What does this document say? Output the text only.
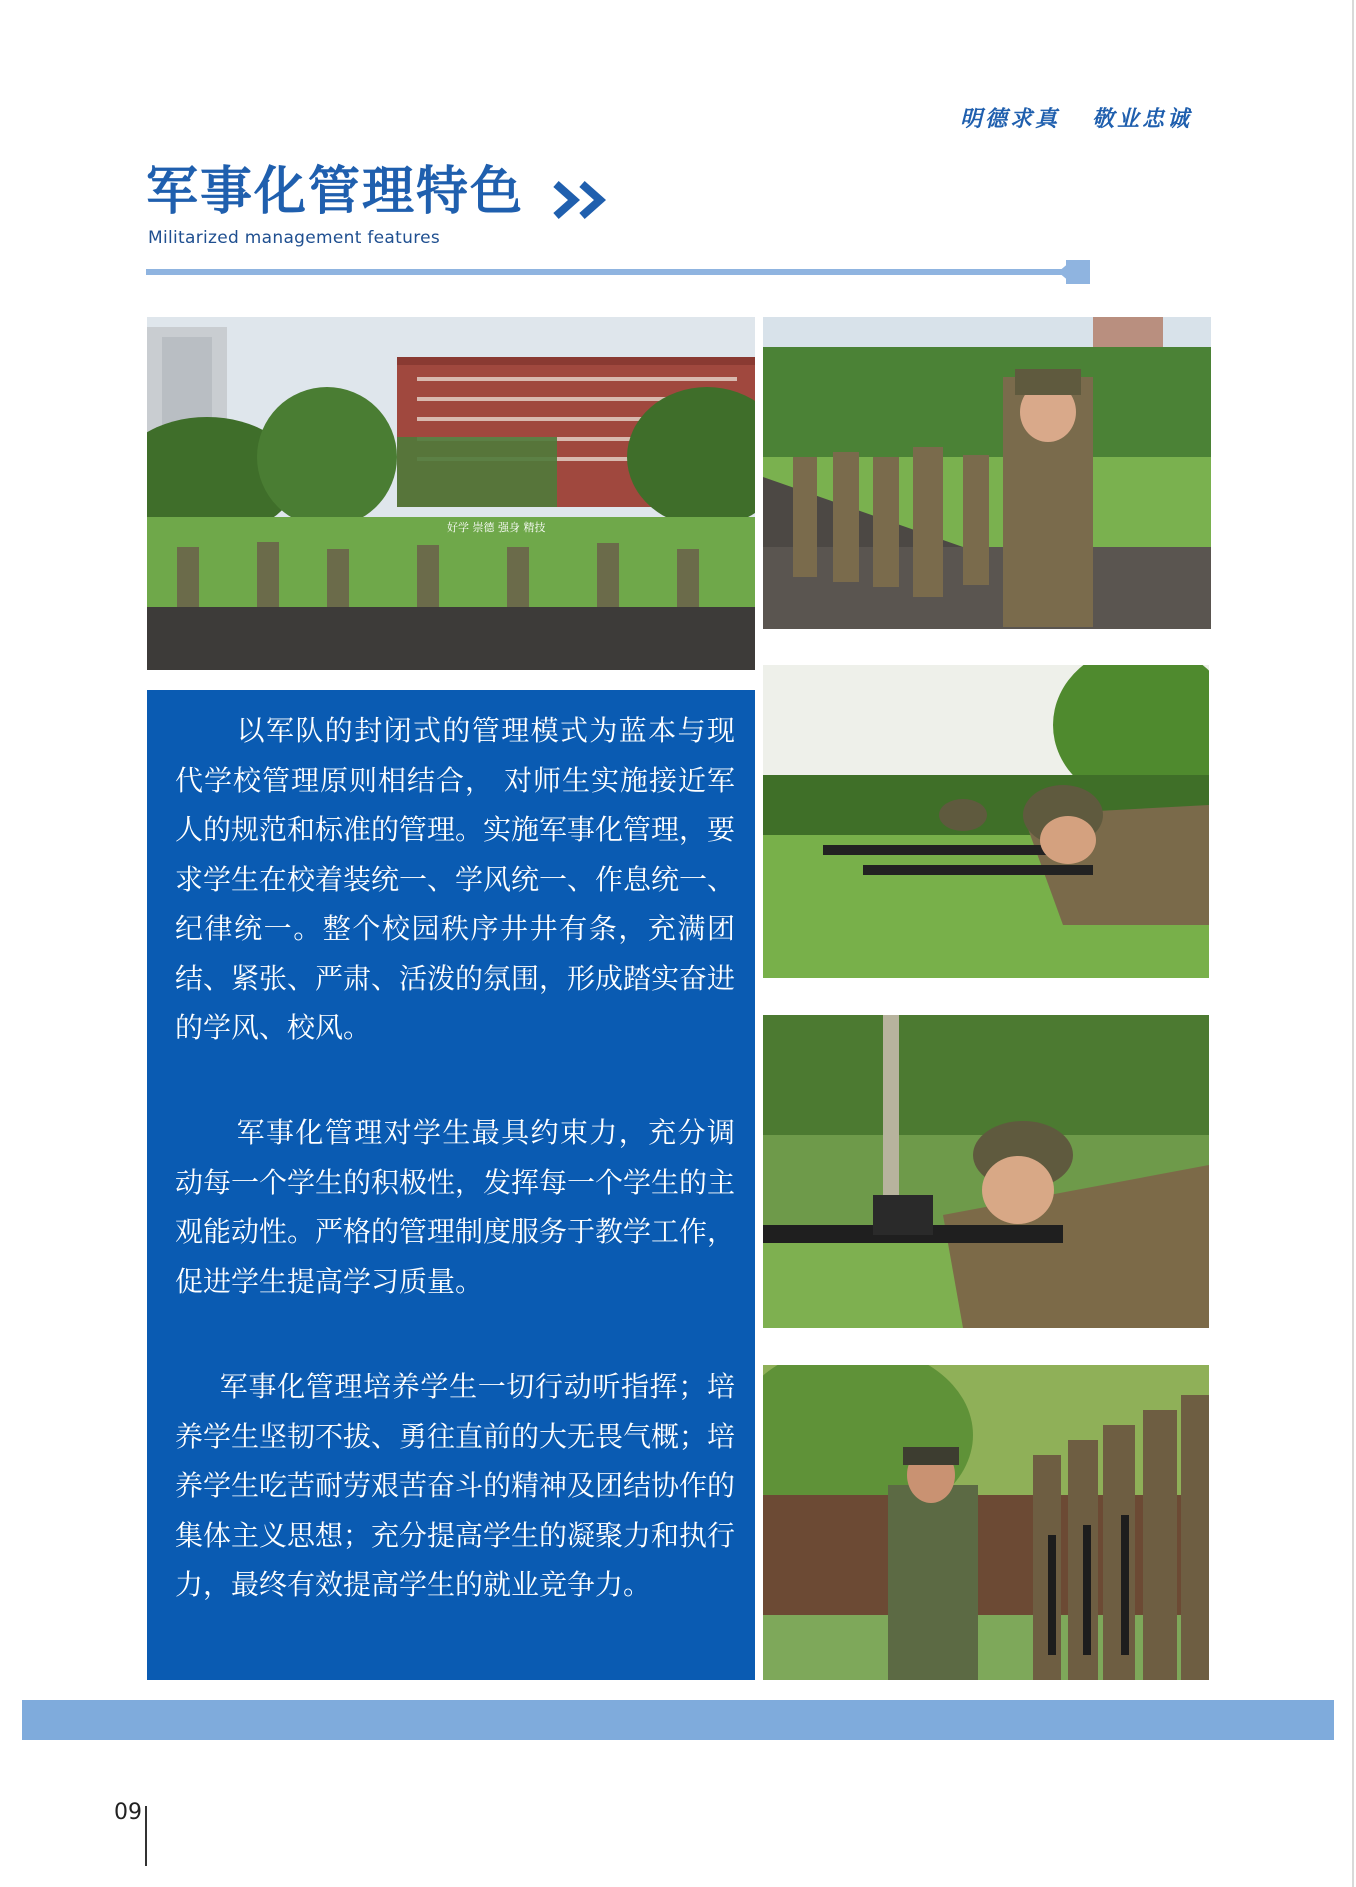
明德求真   敬业忠诚
军事化管理特色
Militarized management features
好学 崇德 强身 精技

以军队的封闭式的管理模式为蓝本与现代学校管理原则相结合， 对师生实施接近军人的规范和标准的管理。实施军事化管理，要求学生在校着装统一、学风统一、作息统一、纪律统一。整个校园秩序井井有条，充满团结、紧张、严肃、活泼的氛围，形成踏实奋进的学风、校风。

军事化管理对学生最具约束力，充分调动每一个学生的积极性，发挥每一个学生的主观能动性。严格的管理制度服务于教学工作，促进学生提高学习质量。

军事化管理培养学生一切行动听指挥；培养学生坚韧不拔、勇往直前的大无畏气概；培养学生吃苦耐劳艰苦奋斗的精神及团结协作的集体主义思想；充分提高学生的凝聚力和执行力，最终有效提高学生的就业竞争力。

09
